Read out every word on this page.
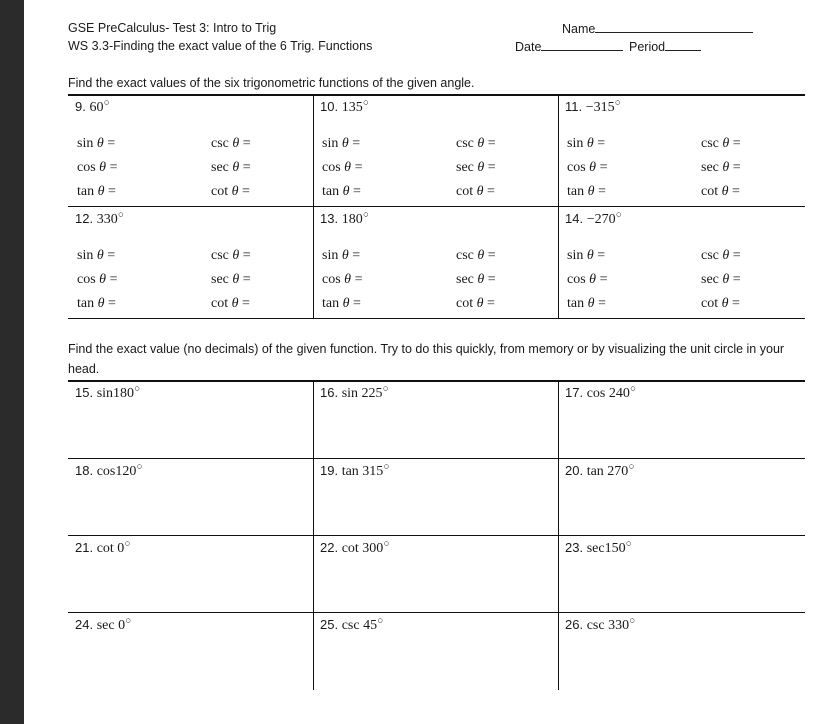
GSE PreCalculus- Test 3: Intro to Trig
WS 3.3-Finding the exact value of the 6 Trig. Functions
Name
Date	Period
Find the exact values of the six trigonometric functions of the given angle.
9. 60○
sin θ =	csc θ =
cos θ =	sec θ =
tan θ =	cot θ =
10. 135○
sin θ =	csc θ =
cos θ =	sec θ =
tan θ =	cot θ =
11. −315○
sin θ =	csc θ =
cos θ =	sec θ =
tan θ =	cot θ =
12. 330○
sin θ =	csc θ =
cos θ =	sec θ =
tan θ =	cot θ =
13. 180○
sin θ =	csc θ =
cos θ =	sec θ =
tan θ =	cot θ =
14. −270○
sin θ =	csc θ =
cos θ =	sec θ =
tan θ =	cot θ =
Find the exact value (no decimals) of the given function. Try to do this quickly, from memory or by visualizing the unit circle in your head.
15. sin180○	16. sin 225○	17. cos 240○
18. cos120○	19. tan 315○	20. tan 270○
21. cot 0○	22. cot 300○	23. sec150○
24. sec 0○	25. csc 45○	26. csc 330○
